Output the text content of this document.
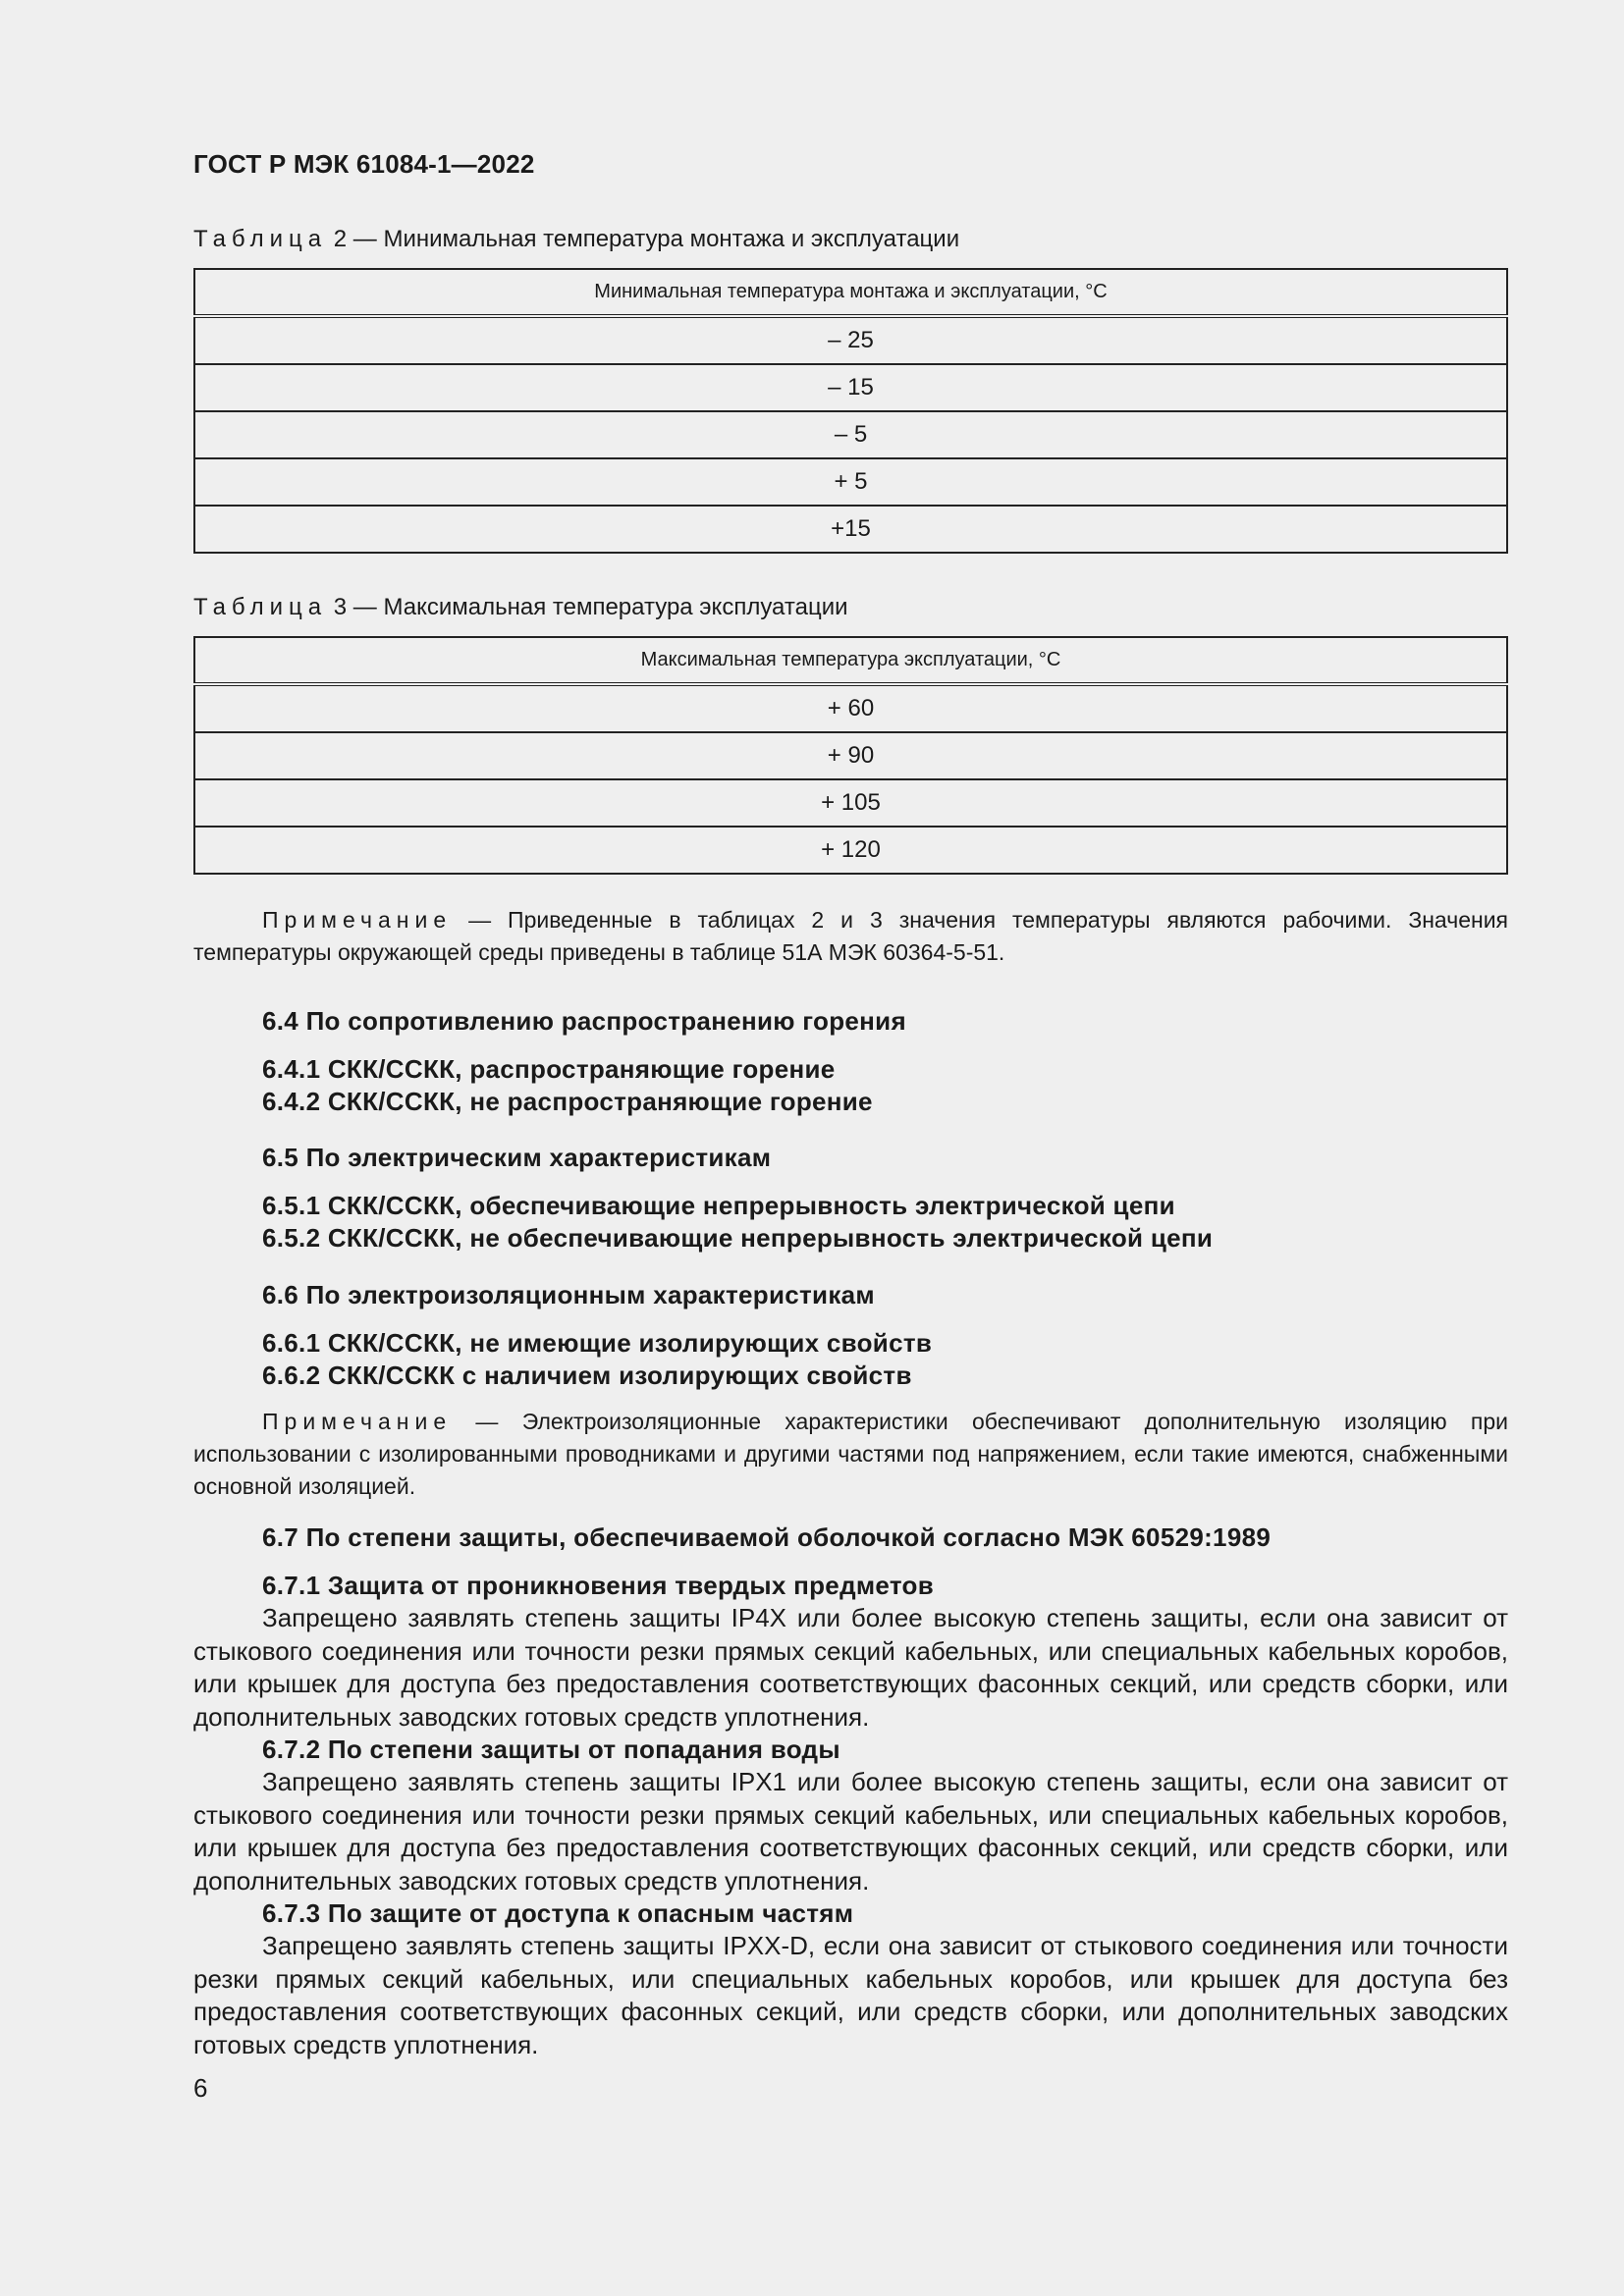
ГОСТ Р МЭК 61084-1—2022
Таблица 2 — Минимальная температура монтажа и эксплуатации
Минимальная температура монтажа и эксплуатации, °С
– 25
– 15
– 5
+ 5
+15
Таблица 3 — Максимальная температура эксплуатации
Максимальная температура эксплуатации, °С
+ 60
+ 90
+ 105
+ 120
Примечание — Приведенные в таблицах 2 и 3 значения температуры являются рабочими. Значения температуры окружающей среды приведены в таблице 51А МЭК 60364-5-51.
6.4 По сопротивлению распространению горения
6.4.1 СКК/ССКК, распространяющие горение
6.4.2 СКК/ССКК, не распространяющие горение
6.5 По электрическим характеристикам
6.5.1 СКК/ССКК, обеспечивающие непрерывность электрической цепи
6.5.2 СКК/ССКК, не обеспечивающие непрерывность электрической цепи
6.6 По электроизоляционным характеристикам
6.6.1 СКК/ССКК, не имеющие изолирующих свойств
6.6.2 СКК/ССКК с наличием изолирующих свойств
Примечание — Электроизоляционные характеристики обеспечивают дополнительную изоляцию при использовании с изолированными проводниками и другими частями под напряжением, если такие имеются, снабженными основной изоляцией.
6.7 По степени защиты, обеспечиваемой оболочкой согласно МЭК 60529:1989
6.7.1 Защита от проникновения твердых предметов
Запрещено заявлять степень защиты IP4X или более высокую степень защиты, если она зависит от стыкового соединения или точности резки прямых секций кабельных, или специальных кабельных коробов, или крышек для доступа без предоставления соответствующих фасонных секций, или средств сборки, или дополнительных заводских готовых средств уплотнения.
6.7.2 По степени защиты от попадания воды
Запрещено заявлять степень защиты IPX1 или более высокую степень защиты, если она зависит от стыкового соединения или точности резки прямых секций кабельных, или специальных кабельных коробов, или крышек для доступа без предоставления соответствующих фасонных секций, или средств сборки, или дополнительных заводских готовых средств уплотнения.
6.7.3 По защите от доступа к опасным частям
Запрещено заявлять степень защиты IPXX-D, если она зависит от стыкового соединения или точности резки прямых секций кабельных, или специальных кабельных коробов, или крышек для доступа без предоставления соответствующих фасонных секций, или средств сборки, или дополнительных заводских готовых средств уплотнения.
6
